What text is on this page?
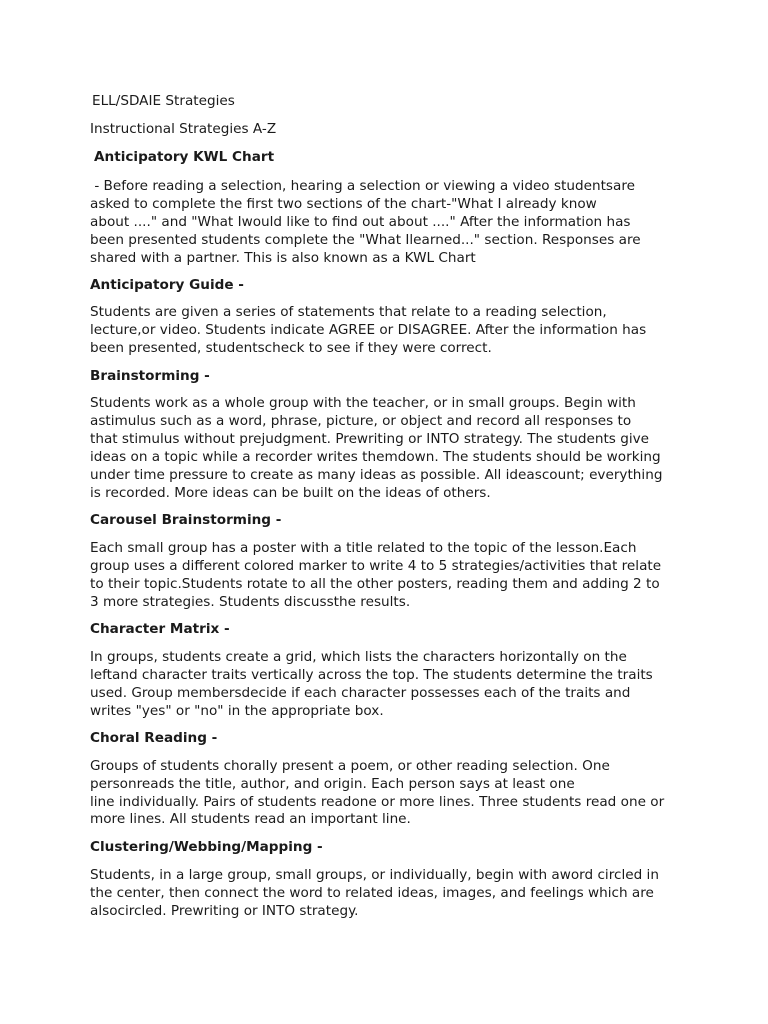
ELL/SDAIE Strategies
Instructional Strategies A-Z
Anticipatory KWL Chart
- Before reading a selection, hearing a selection or viewing a video studentsare
asked to complete the first two sections of the chart-"What I already know
about ...." and "What Iwould like to find out about ...." After the information has
been presented students complete the "What Ilearned..." section. Responses are
shared with a partner. This is also known as a KWL Chart
Anticipatory Guide -
Students are given a series of statements that relate to a reading selection,
lecture,or video. Students indicate AGREE or DISAGREE. After the information has
been presented, studentscheck to see if they were correct.
Brainstorming -
Students work as a whole group with the teacher, or in small groups. Begin with
astimulus such as a word, phrase, picture, or object and record all responses to
that stimulus without prejudgment. Prewriting or INTO strategy. The students give
ideas on a topic while a recorder writes themdown. The students should be working
under time pressure to create as many ideas as possible. All ideascount; everything
is recorded. More ideas can be built on the ideas of others.
Carousel Brainstorming -
Each small group has a poster with a title related to the topic of the lesson.Each
group uses a different colored marker to write 4 to 5 strategies/activities that relate
to their topic.Students rotate to all the other posters, reading them and adding 2 to
3 more strategies. Students discussthe results.
Character Matrix -
In groups, students create a grid, which lists the characters horizontally on the
leftand character traits vertically across the top. The students determine the traits
used. Group membersdecide if each character possesses each of the traits and
writes "yes" or "no" in the appropriate box.
Choral Reading -
Groups of students chorally present a poem, or other reading selection. One
personreads the title, author, and origin. Each person says at least one
line individually. Pairs of students readone or more lines. Three students read one or
more lines. All students read an important line.
Clustering/Webbing/Mapping -
Students, in a large group, small groups, or individually, begin with aword circled in
the center, then connect the word to related ideas, images, and feelings which are
alsocircled. Prewriting or INTO strategy.
